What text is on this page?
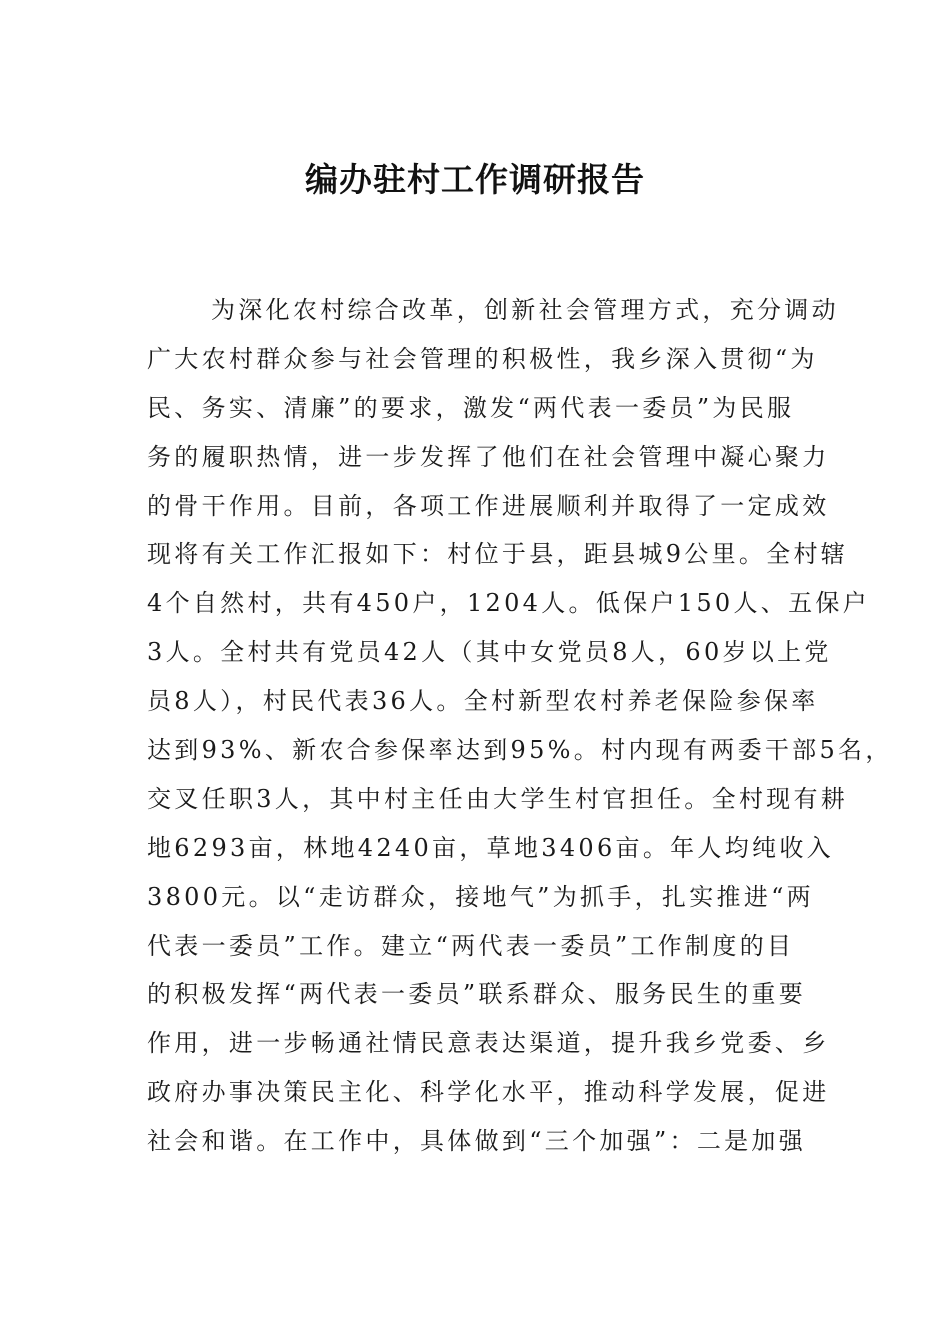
编办驻村工作调研报告
为深化农村综合改革，创新社会管理方式，充分调动
广大农村群众参与社会管理的积极性，我乡深入贯彻“为
民、务实、清廉”的要求，激发“两代表一委员”为民服
务的履职热情，进一步发挥了他们在社会管理中凝心聚力
的骨干作用。目前，各项工作进展顺利并取得了一定成效
现将有关工作汇报如下：村位于县，距县城9公里。全村辖
4个自然村，共有450户，1204人。低保户150人、五保户
3人。全村共有党员42人（其中女党员8人，60岁以上党
员8人），村民代表36人。全村新型农村养老保险参保率
达到93%、新农合参保率达到95%。村内现有两委干部5名，
交叉任职3人，其中村主任由大学生村官担任。全村现有耕
地6293亩，林地4240亩，草地3406亩。年人均纯收入
3800元。以“走访群众，接地气”为抓手，扎实推进“两
代表一委员”工作。建立“两代表一委员”工作制度的目
的积极发挥“两代表一委员”联系群众、服务民生的重要
作用，进一步畅通社情民意表达渠道，提升我乡党委、乡
政府办事决策民主化、科学化水平，推动科学发展，促进
社会和谐。在工作中，具体做到“三个加强”：二是加强
